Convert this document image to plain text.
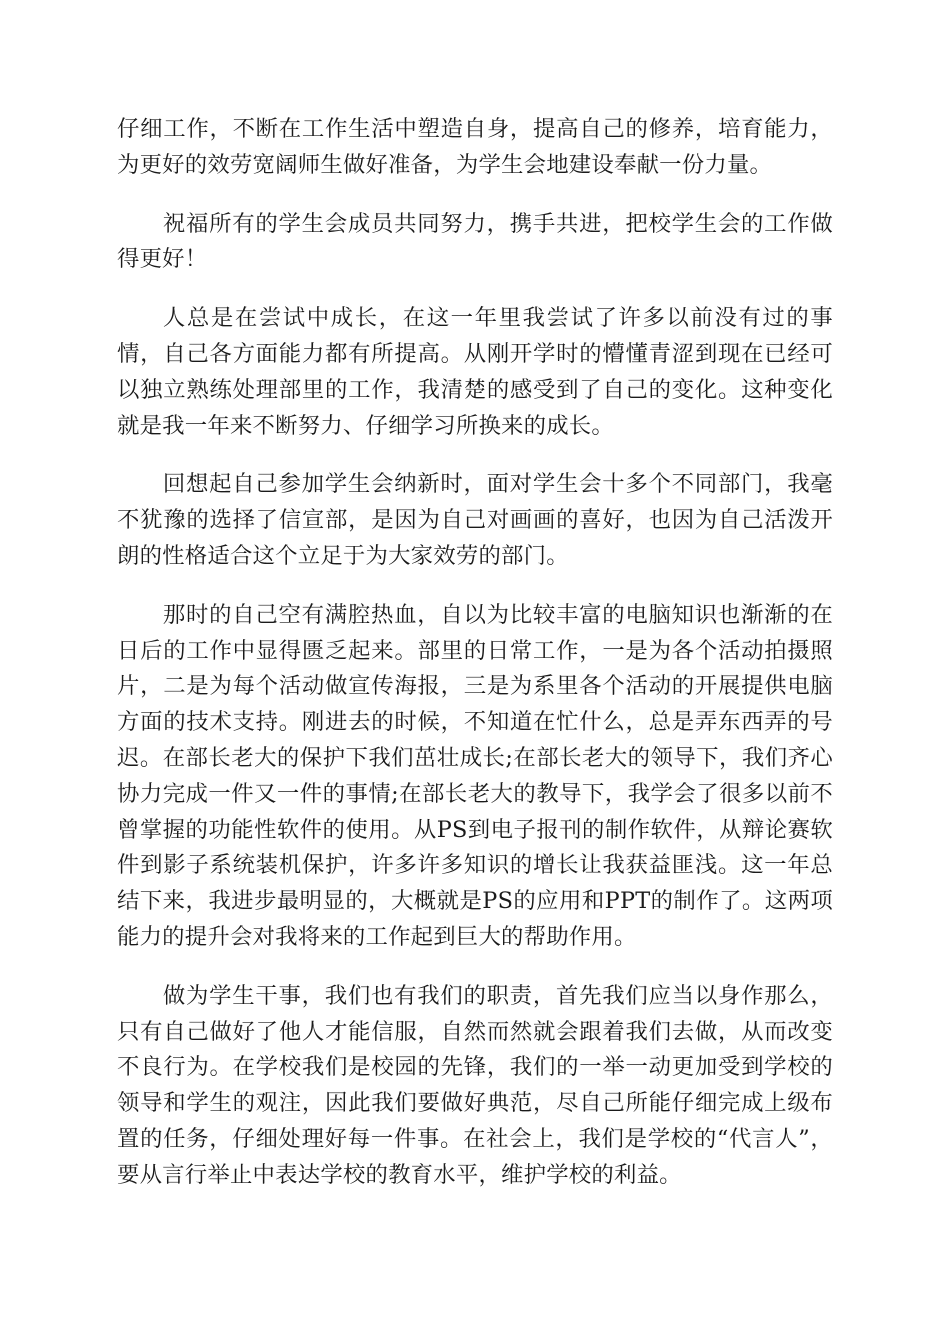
仔细工作，不断在工作生活中塑造自身，提高自己的修养，培育能力，为更好的效劳宽阔师生做好准备，为学生会地建设奉献一份力量。

祝福所有的学生会成员共同努力，携手共进，把校学生会的工作做得更好！

人总是在尝试中成长，在这一年里我尝试了许多以前没有过的事情，自己各方面能力都有所提高。从刚开学时的懵懂青涩到现在已经可以独立熟练处理部里的工作，我清楚的感受到了自己的变化。这种变化就是我一年来不断努力、仔细学习所换来的成长。

回想起自己参加学生会纳新时，面对学生会十多个不同部门，我毫不犹豫的选择了信宣部，是因为自己对画画的喜好，也因为自己活泼开朗的性格适合这个立足于为大家效劳的部门。

那时的自己空有满腔热血，自以为比较丰富的电脑知识也渐渐的在日后的工作中显得匮乏起来。部里的日常工作，一是为各个活动拍摄照片，二是为每个活动做宣传海报，三是为系里各个活动的开展提供电脑方面的技术支持。刚进去的时候，不知道在忙什么，总是弄东西弄的号迟。在部长老大的保护下我们茁壮成长;在部长老大的领导下，我们齐心协力完成一件又一件的事情;在部长老大的教导下，我学会了很多以前不曾掌握的功能性软件的使用。从PS到电子报刊的制作软件，从辩论赛软件到影子系统装机保护，许多许多知识的增长让我获益匪浅。这一年总结下来，我进步最明显的，大概就是PS的应用和PPT的制作了。这两项能力的提升会对我将来的工作起到巨大的帮助作用。

做为学生干事，我们也有我们的职责，首先我们应当以身作那么，只有自己做好了他人才能信服，自然而然就会跟着我们去做，从而改变不良行为。在学校我们是校园的先锋，我们的一举一动更加受到学校的领导和学生的观注，因此我们要做好典范，尽自己所能仔细完成上级布置的任务，仔细处理好每一件事。在社会上，我们是学校的“代言人”，要从言行举止中表达学校的教育水平，维护学校的利益。
